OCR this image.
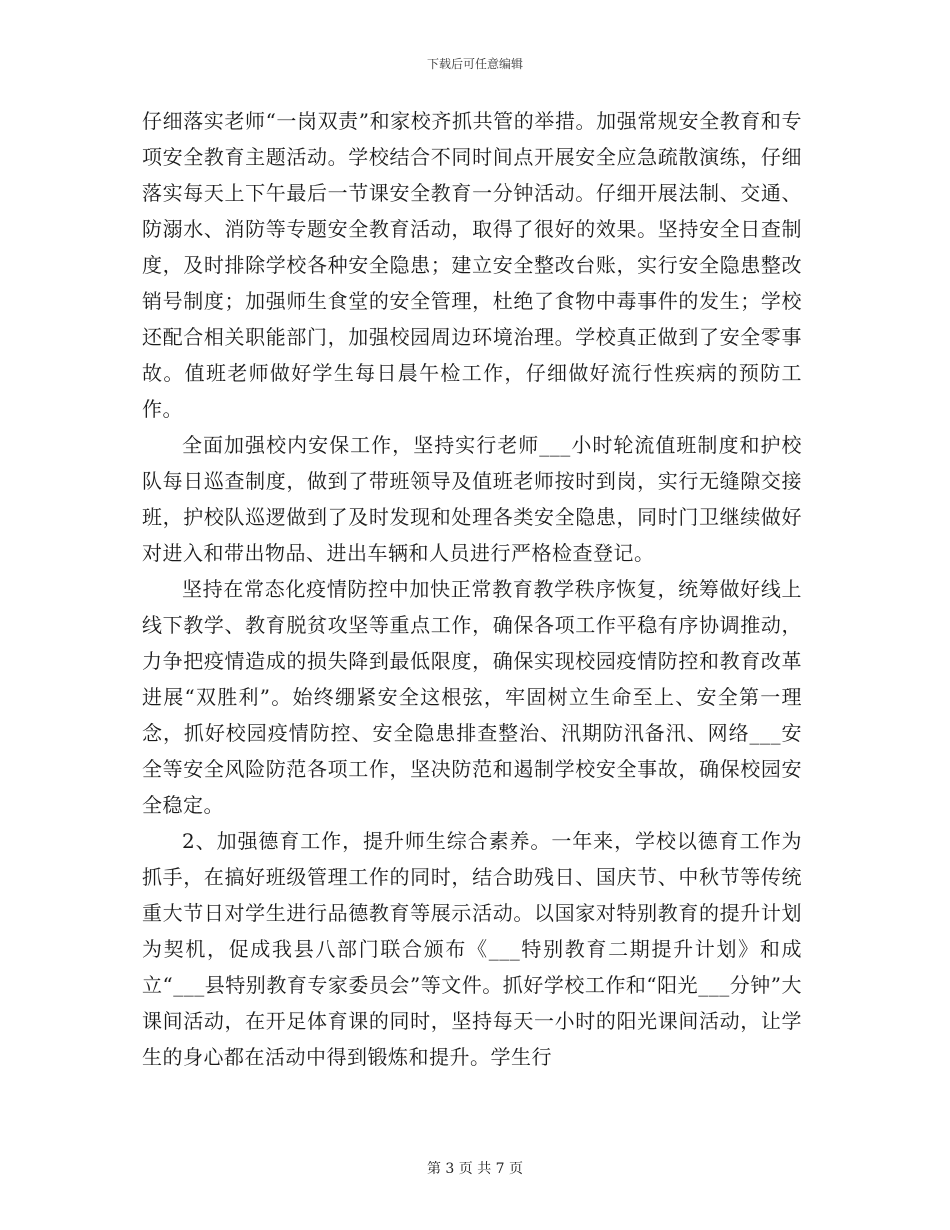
下载后可任意编辑

仔细落实老师“一岗双责”和家校齐抓共管的举措。加强常规安全教育和专项安全教育主题活动。学校结合不同时间点开展安全应急疏散演练，仔细落实每天上下午最后一节课安全教育一分钟活动。仔细开展法制、交通、防溺水、消防等专题安全教育活动，取得了很好的效果。坚持安全日查制度，及时排除学校各种安全隐患；建立安全整改台账，实行安全隐患整改销号制度；加强师生食堂的安全管理，杜绝了食物中毒事件的发生；学校还配合相关职能部门，加强校园周边环境治理。学校真正做到了安全零事故。值班老师做好学生每日晨午检工作，仔细做好流行性疾病的预防工作。

全面加强校内安保工作，坚持实行老师___小时轮流值班制度和护校队每日巡查制度，做到了带班领导及值班老师按时到岗，实行无缝隙交接班，护校队巡逻做到了及时发现和处理各类安全隐患，同时门卫继续做好对进入和带出物品、进出车辆和人员进行严格检查登记。

坚持在常态化疫情防控中加快正常教育教学秩序恢复，统筹做好线上线下教学、教育脱贫攻坚等重点工作，确保各项工作平稳有序协调推动，力争把疫情造成的损失降到最低限度，确保实现校园疫情防控和教育改革进展“双胜利”。始终绷紧安全这根弦，牢固树立生命至上、安全第一理念，抓好校园疫情防控、安全隐患排查整治、汛期防汛备汛、网络___安全等安全风险防范各项工作，坚决防范和遏制学校安全事故，确保校园安全稳定。

2、加强德育工作，提升师生综合素养。一年来，学校以德育工作为抓手，在搞好班级管理工作的同时，结合助残日、国庆节、中秋节等传统重大节日对学生进行品德教育等展示活动。以国家对特别教育的提升计划为契机，促成我县八部门联合颁布《___特别教育二期提升计划》和成立“___县特别教育专家委员会”等文件。抓好学校工作和“阳光___分钟”大课间活动，在开足体育课的同时，坚持每天一小时的阳光课间活动，让学生的身心都在活动中得到锻炼和提升。学生行

第 3 页 共 7 页
